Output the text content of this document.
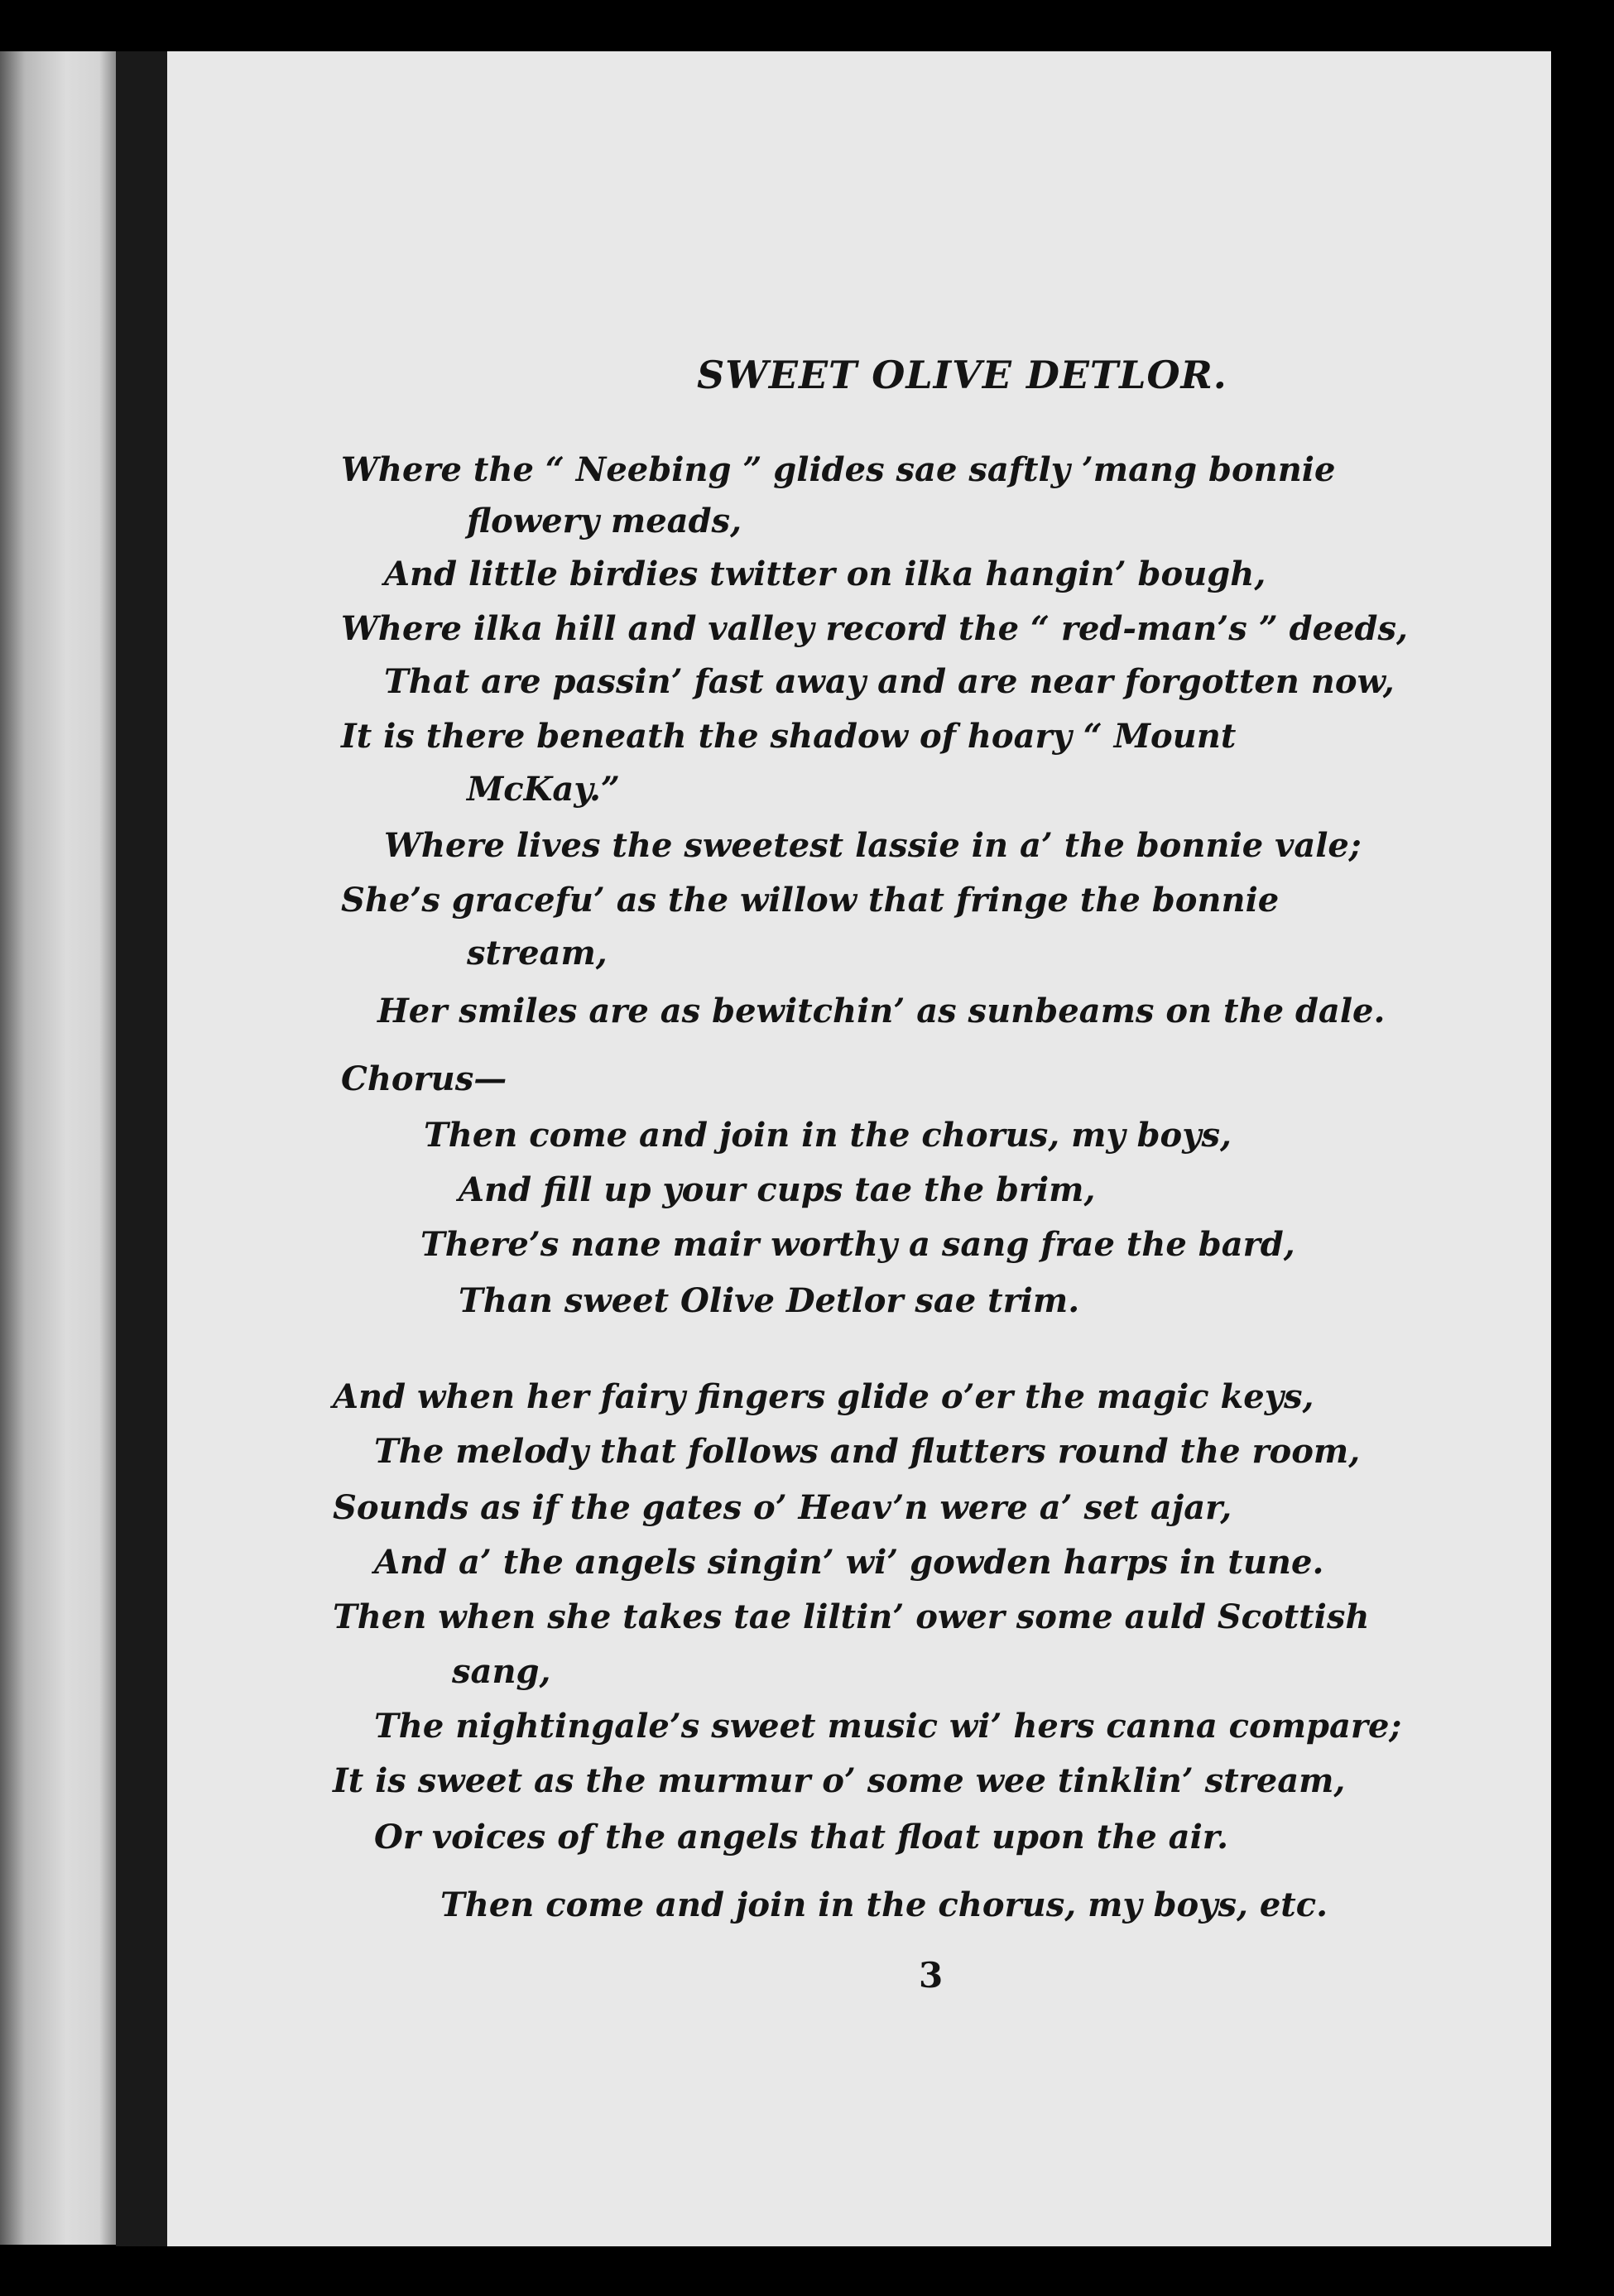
SWEET OLIVE DETLOR.
Where the “ Neebing ” glides sae saftly ’mang bonnie
flowery meads,
And little birdies twitter on ilka hangin’ bough,
Where ilka hill and valley record the “ red-man’s ” deeds,
That are passin’ fast away and are near forgotten now,
It is there beneath the shadow of hoary “ Mount
McKay.”
Where lives the sweetest lassie in a’ the bonnie vale;
She’s gracefu’ as the willow that fringe the bonnie
stream,
Her smiles are as bewitchin’ as sunbeams on the dale.
Chorus—
Then come and join in the chorus, my boys,
And fill up your cups tae the brim,
There’s nane mair worthy a sang frae the bard,
Than sweet Olive Detlor sae trim.
And when her fairy fingers glide o’er the magic keys,
The melody that follows and flutters round the room,
Sounds as if the gates o’ Heav’n were a’ set ajar,
And a’ the angels singin’ wi’ gowden harps in tune.
Then when she takes tae liltin’ ower some auld Scottish
sang,
The nightingale’s sweet music wi’ hers canna compare;
It is sweet as the murmur o’ some wee tinklin’ stream,
Or voices of the angels that float upon the air.
Then come and join in the chorus, my boys, etc.
3
